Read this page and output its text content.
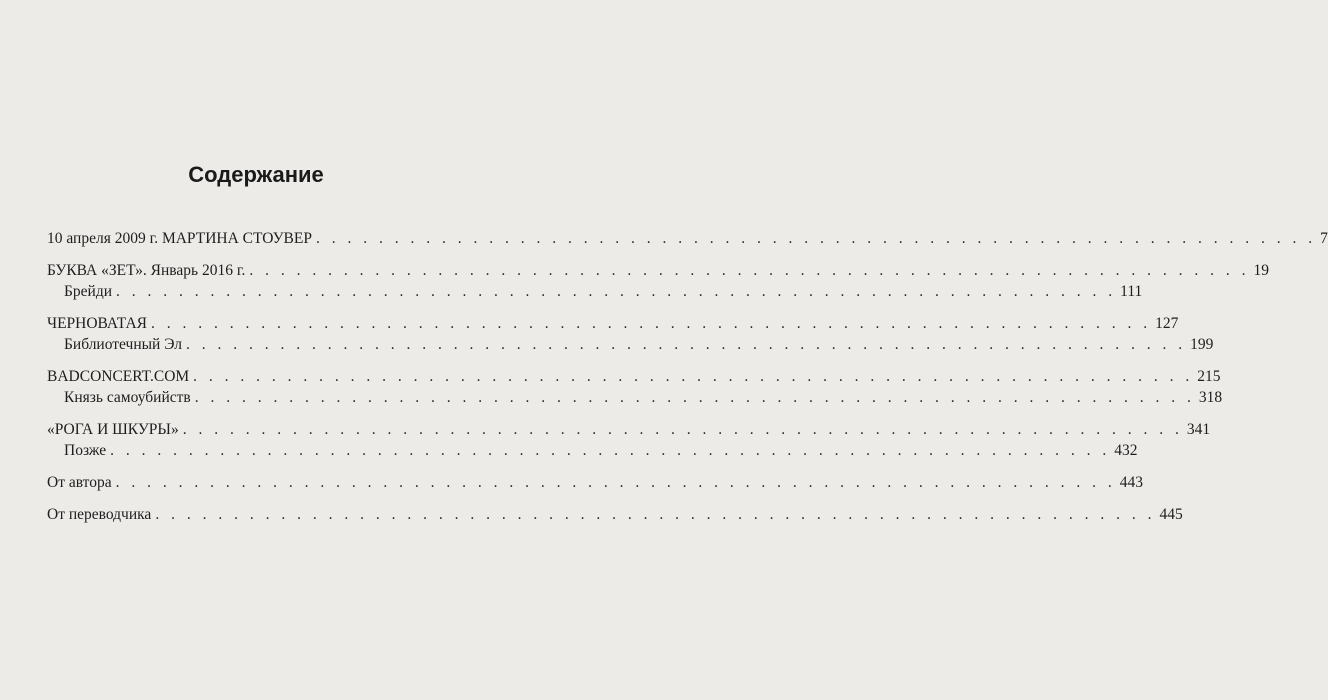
Содержание
10 апреля 2009 г. МАРТИНА СТОУВЕР . . . . . . . . . . . . . . . . . . . . . . . . . . . . . . . . . . . . . . . . . . . . . . . . . . . . . . . . . . . . . . . . 7
БУКВА «ЗЕТ». Январь 2016 г. . . . . . . . . . . . . . . . . . . . . . . . . . . . . . . . . . . . . . . . . . . . . . . . . . . . . . . . . . . . . . . . . 19
Брейди . . . . . . . . . . . . . . . . . . . . . . . . . . . . . . . . . . . . . . . . . . . . . . . . . . . . . . . . . . . . . . . . 111
ЧЕРНОВАТАЯ . . . . . . . . . . . . . . . . . . . . . . . . . . . . . . . . . . . . . . . . . . . . . . . . . . . . . . . . . . . . . . . . 127
Библиотечный Эл . . . . . . . . . . . . . . . . . . . . . . . . . . . . . . . . . . . . . . . . . . . . . . . . . . . . . . . . . . . . . . . . 199
BADCONCERT.COM . . . . . . . . . . . . . . . . . . . . . . . . . . . . . . . . . . . . . . . . . . . . . . . . . . . . . . . . . . . . . . . . 215
Князь самоубийств . . . . . . . . . . . . . . . . . . . . . . . . . . . . . . . . . . . . . . . . . . . . . . . . . . . . . . . . . . . . . . . . 318
«РОГА И ШКУРЫ» . . . . . . . . . . . . . . . . . . . . . . . . . . . . . . . . . . . . . . . . . . . . . . . . . . . . . . . . . . . . . . . . 341
Позже . . . . . . . . . . . . . . . . . . . . . . . . . . . . . . . . . . . . . . . . . . . . . . . . . . . . . . . . . . . . . . . . 432
От автора . . . . . . . . . . . . . . . . . . . . . . . . . . . . . . . . . . . . . . . . . . . . . . . . . . . . . . . . . . . . . . . . 443
От переводчика . . . . . . . . . . . . . . . . . . . . . . . . . . . . . . . . . . . . . . . . . . . . . . . . . . . . . . . . . . . . . . . . 445
